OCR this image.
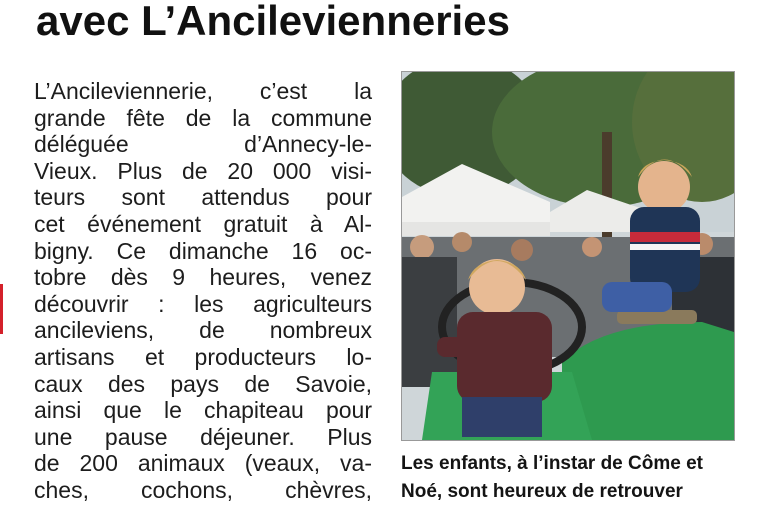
avec L’Ancilevienneries
L’Ancileviennerie, c’est la
grande fête de la commune
déléguée d’Annecy-le-
Vieux. Plus de 20 000 visi-
teurs sont attendus pour
cet événement gratuit à Al-
bigny. Ce dimanche 16 oc-
tobre dès 9 heures, venez
découvrir : les agriculteurs
ancileviens, de nombreux
artisans et producteurs lo-
caux des pays de Savoie,
ainsi que le chapiteau pour
une pause déjeuner. Plus
de 200 animaux (veaux, va-
ches, cochons, chèvres,
Les enfants, à l’instar de Côme et
Noé, sont heureux de retrouver
